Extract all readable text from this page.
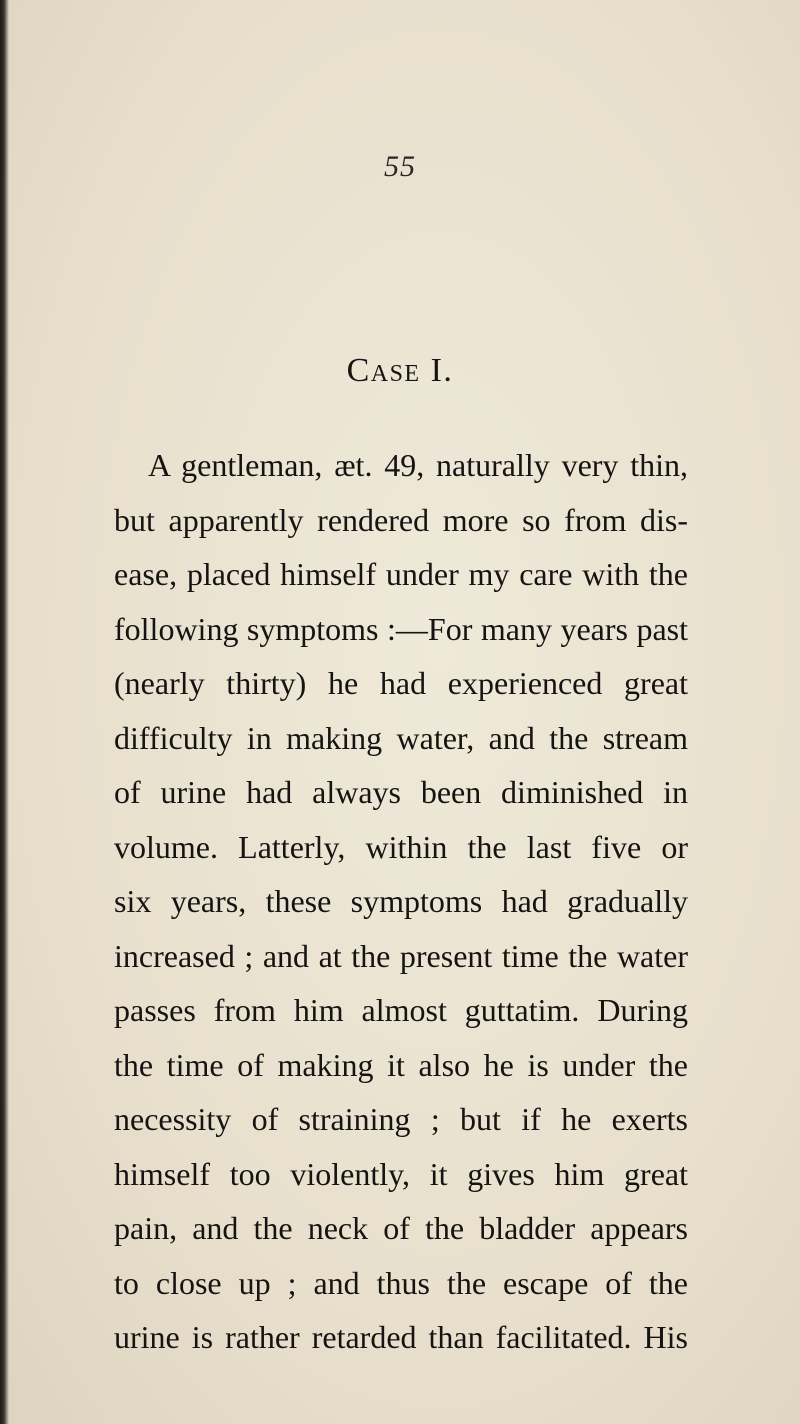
55
Case I.
A gentleman, æt. 49, naturally very thin,
but apparently rendered more so from dis-
ease, placed himself under my care with the
following symptoms :—For many years past
(nearly thirty) he had experienced great
difficulty in making water, and the stream
of urine had always been diminished in
volume. Latterly, within the last five or
six years, these symptoms had gradually
increased ; and at the present time the water
passes from him almost guttatim. During
the time of making it also he is under the
necessity of straining ; but if he exerts
himself too violently, it gives him great
pain, and the neck of the bladder appears
to close up ; and thus the escape of the
urine is rather retarded than facilitated. His
